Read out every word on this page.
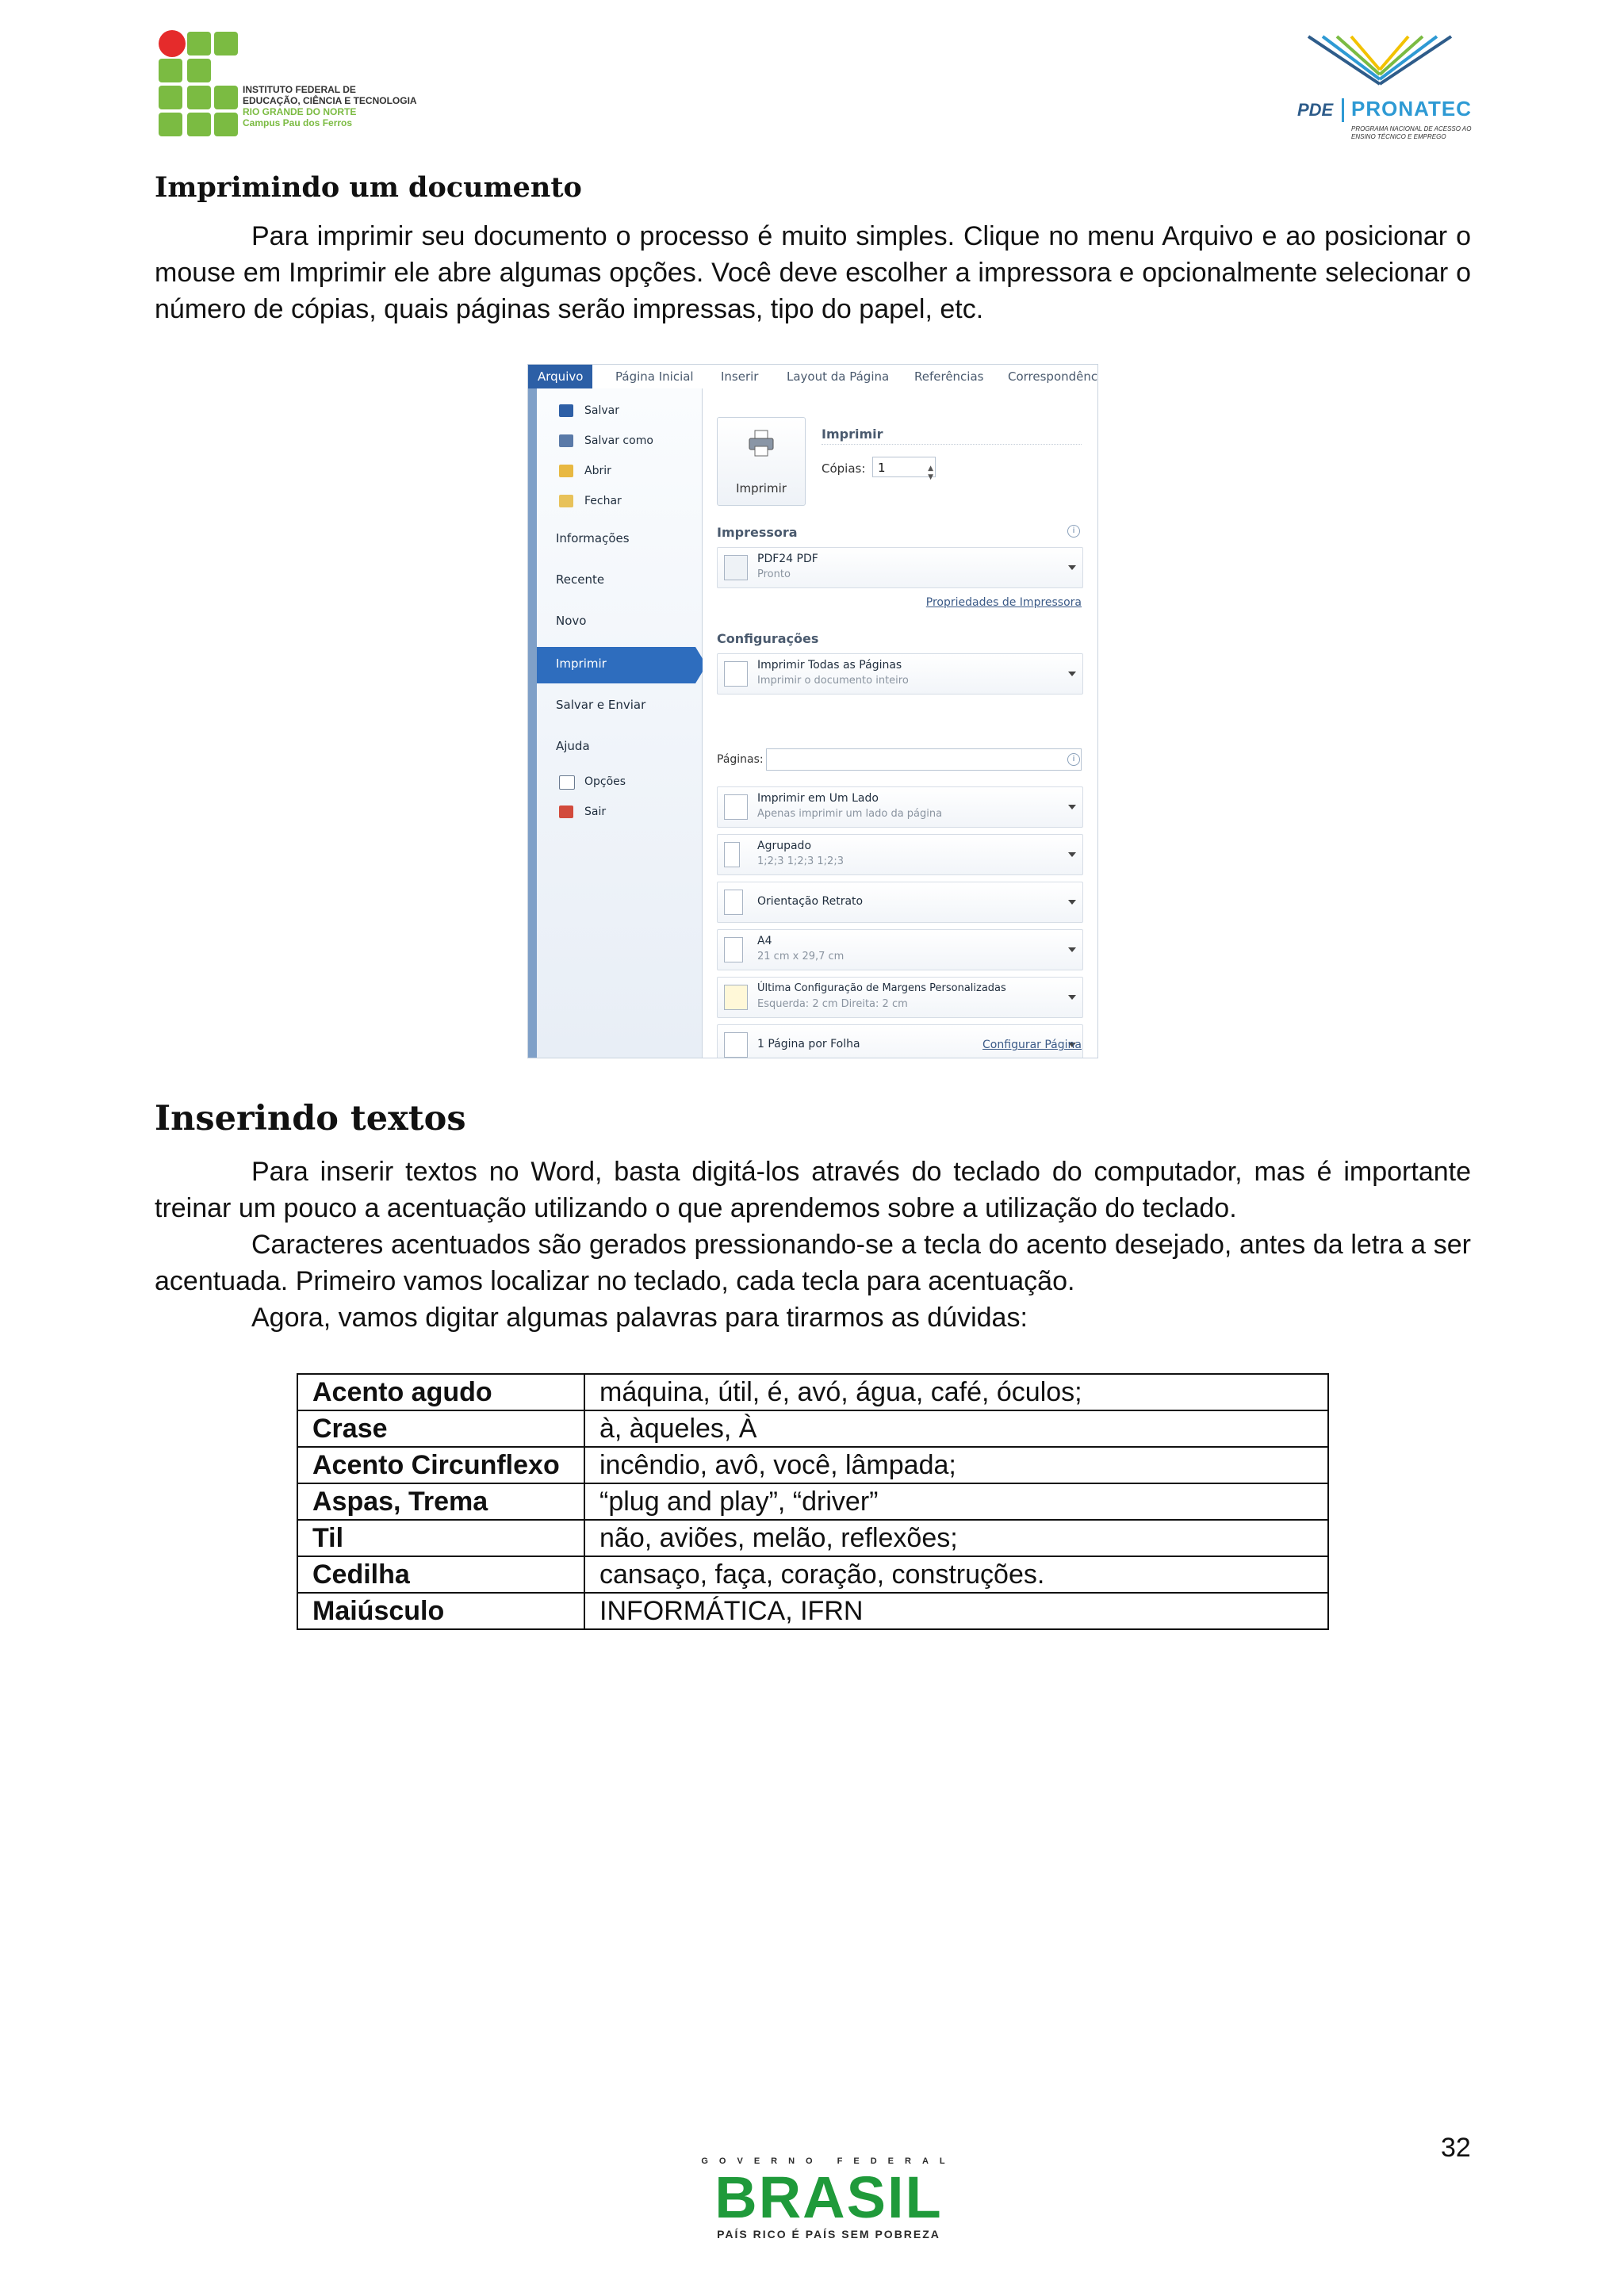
INSTITUTO FEDERAL DE
EDUCAÇÃO, CIÊNCIA E TECNOLOGIA
RIO GRANDE DO NORTE
Campus Pau dos Ferros
PDE PRONATEC
PROGRAMA NACIONAL DE ACESSO AO ENSINO TÉCNICO E EMPREGO
Imprimindo um documento
Para imprimir seu documento o processo é muito simples. Clique no menu Arquivo e ao posicionar o mouse em Imprimir ele abre algumas opções. Você deve escolher a impressora e opcionalmente selecionar o número de cópias, quais páginas serão impressas, tipo do papel, etc.
Arquivo	Página Inicial Inserir Layout da Página Referências Correspondênc
Salvar
Salvar como
Abrir
Fechar
Informações
Recente
Novo
Imprimir
Salvar e Enviar
Ajuda
Opções
Sair
Imprimir
Imprimir
Cópias:	1	▲
▼
Impressora	i
PDF24 PDF
Pronto
Propriedades de Impressora
Configurações
Imprimir Todas as Páginas
Imprimir o documento inteiro
Páginas:	i
Imprimir em Um Lado
Apenas imprimir um lado da página
Agrupado
1;2;3 1;2;3 1;2;3
Orientação Retrato
A4
21 cm x 29,7 cm
Última Configuração de Margens Personalizadas
Esquerda: 2 cm Direita: 2 cm
1 Página por Folha	Configurar Página
Inserindo textos
Para inserir textos no Word, basta digitá-los através do teclado do computador, mas é importante treinar um pouco a acentuação utilizando o que aprendemos sobre a utilização do teclado.
Caracteres acentuados são gerados pressionando-se a tecla do acento desejado, antes da letra a ser acentuada. Primeiro vamos localizar no teclado, cada tecla para acentuação.
Agora, vamos digitar algumas palavras para tirarmos as dúvidas:
Acento agudo	máquina, útil, é, avó, água, café, óculos;
Crase	à, àqueles, À
Acento Circunflexo	incêndio, avô, você, lâmpada;
Aspas, Trema	“plug and play”, “driver”
Til	não, aviões, melão, reflexões;
Cedilha	cansaço, faça, coração, construções.
Maiúsculo	INFORMÁTICA, IFRN
32
GOVERNO FEDERAL
BRASIL
PAÍS RICO É PAÍS SEM POBREZA
